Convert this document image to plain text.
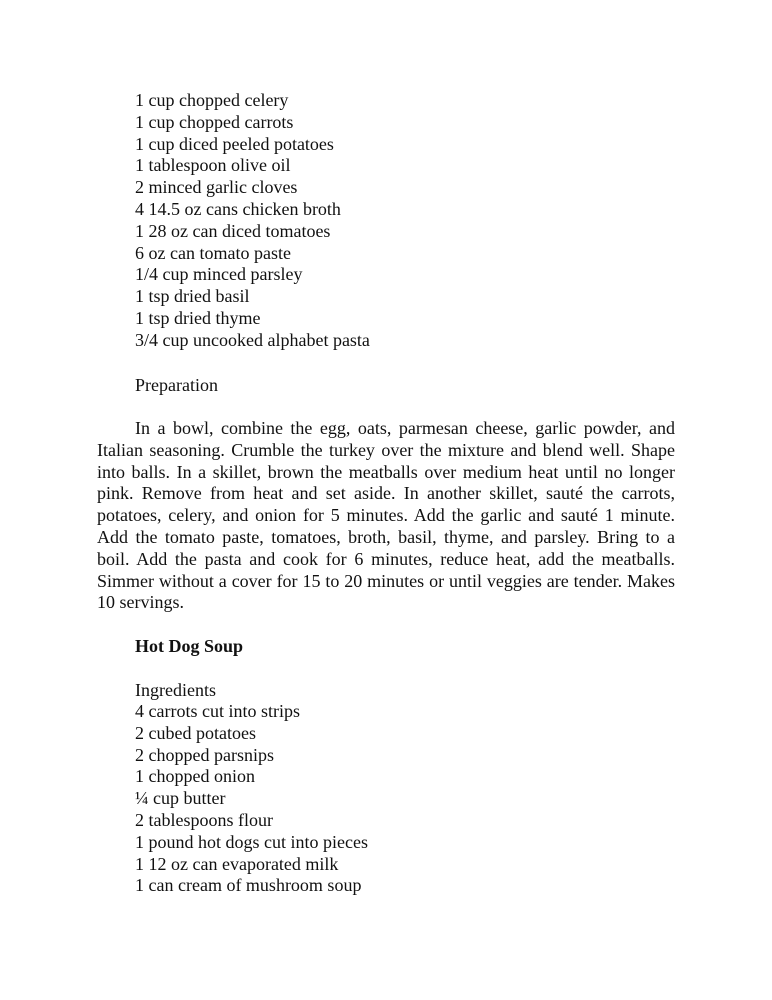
1 cup chopped celery
1 cup chopped carrots
1 cup diced peeled potatoes
1 tablespoon olive oil
2 minced garlic cloves
4 14.5 oz cans chicken broth
1 28 oz can diced tomatoes
6 oz can tomato paste
1/4 cup minced parsley
1 tsp dried basil
1 tsp dried thyme
3/4 cup uncooked alphabet pasta
Preparation

In a bowl, combine the egg, oats, parmesan cheese, garlic powder, and Italian seasoning. Crumble the turkey over the mixture and blend well. Shape into balls. In a skillet, brown the meatballs over medium heat until no longer pink. Remove from heat and set aside. In another skillet, sauté the carrots, potatoes, celery, and onion for 5 minutes. Add the garlic and sauté 1 minute. Add the tomato paste, tomatoes, broth, basil, thyme, and parsley. Bring to a boil. Add the pasta and cook for 6 minutes, reduce heat, add the meatballs. Simmer without a cover for 15 to 20 minutes or until veggies are tender. Makes 10 servings.

Hot Dog Soup
Ingredients
4 carrots cut into strips
2 cubed potatoes
2 chopped parsnips
1 chopped onion
¼ cup butter
2 tablespoons flour
1 pound hot dogs cut into pieces
1 12 oz can evaporated milk
1 can cream of mushroom soup
